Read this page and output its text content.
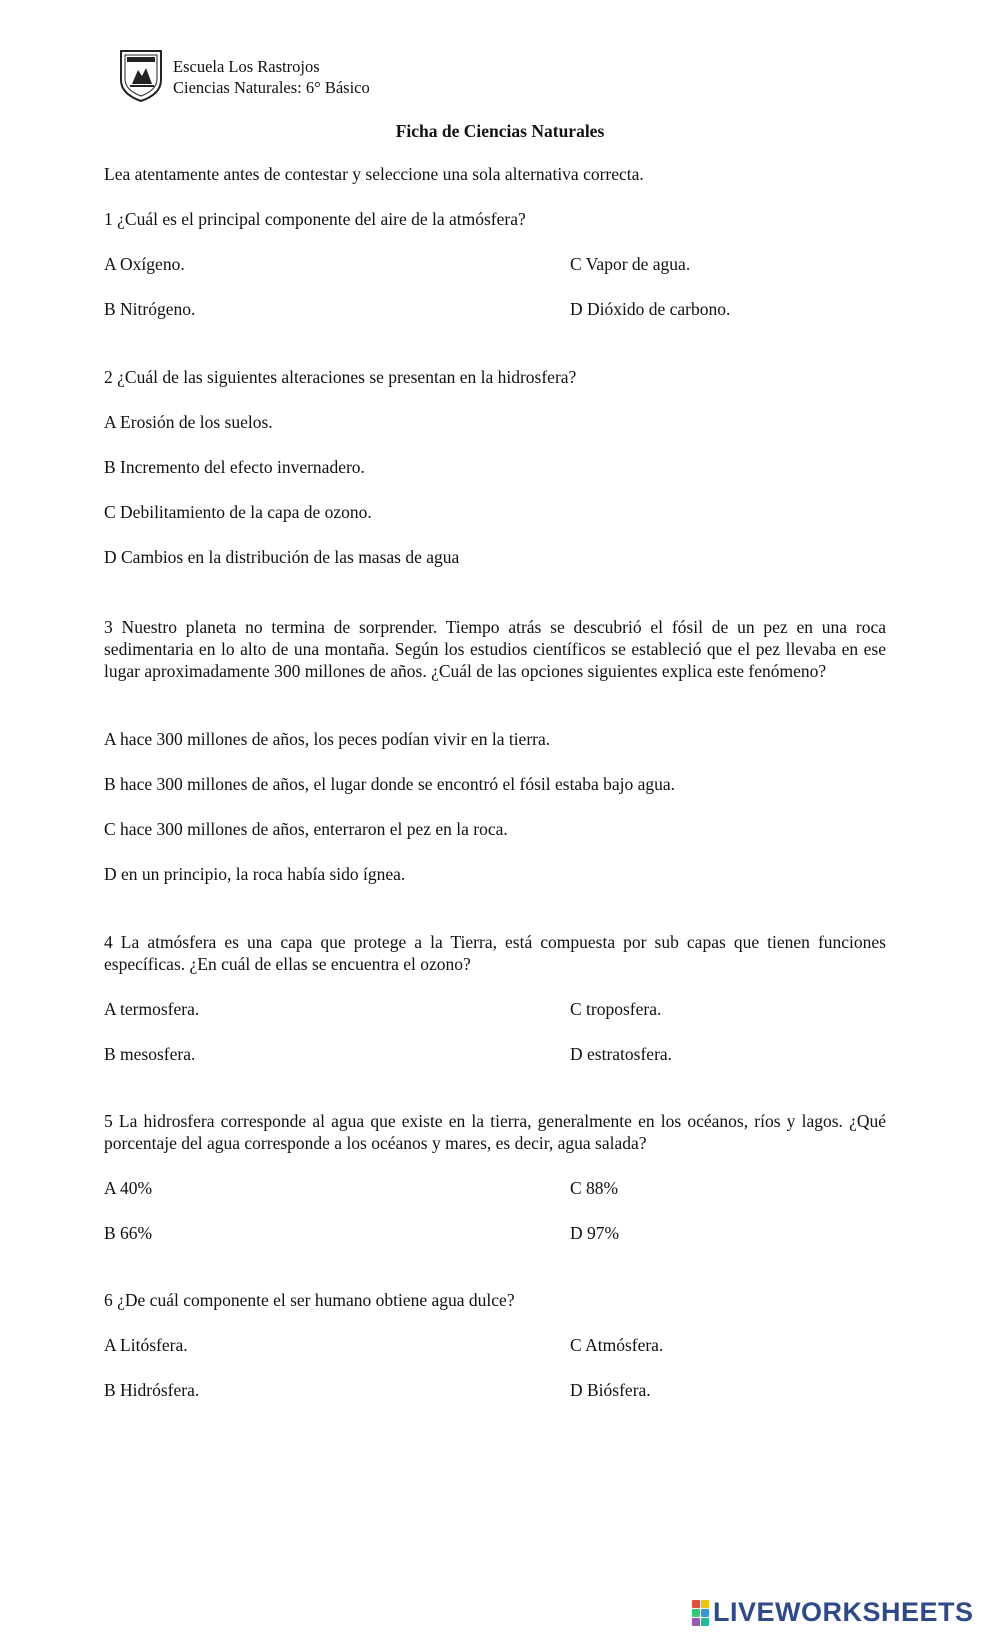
Escuela Los Rastrojos
Ciencias Naturales: 6° Básico
Ficha de Ciencias Naturales
Lea atentamente antes de contestar y seleccione una sola alternativa correcta.
1 ¿Cuál es el principal componente del aire de la atmósfera?
A Oxígeno.	C Vapor de agua.
B Nitrógeno.	D Dióxido de carbono.
2 ¿Cuál de las siguientes alteraciones se presentan en la hidrosfera?
A Erosión de los suelos.
B Incremento del efecto invernadero.
C Debilitamiento de la capa de ozono.
D Cambios en la distribución de las masas de agua
3 Nuestro planeta no termina de sorprender. Tiempo atrás se descubrió el fósil de un pez en una roca sedimentaria en lo alto de una montaña. Según los estudios científicos se estableció que el pez llevaba en ese lugar aproximadamente 300 millones de años. ¿Cuál de las opciones siguientes explica este fenómeno?
A hace 300 millones de años, los peces podían vivir en la tierra.
B hace 300 millones de años, el lugar donde se encontró el fósil estaba bajo agua.
C hace 300 millones de años, enterraron el pez en la roca.
D en un principio, la roca había sido ígnea.
4 La atmósfera es una capa que protege a la Tierra, está compuesta por sub capas que tienen funciones específicas. ¿En cuál de ellas se encuentra el ozono?
A termosfera.	C troposfera.
B mesosfera.	D estratosfera.
5 La hidrosfera corresponde al agua que existe en la tierra, generalmente en los océanos, ríos y lagos. ¿Qué porcentaje del agua corresponde a los océanos y mares, es decir, agua salada?
A 40%	C 88%
B 66%	D 97%
6 ¿De cuál componente el ser humano obtiene agua dulce?
A Litósfera.	C Atmósfera.
B Hidrósfera.	D Biósfera.
LIVEWORKSHEETS
